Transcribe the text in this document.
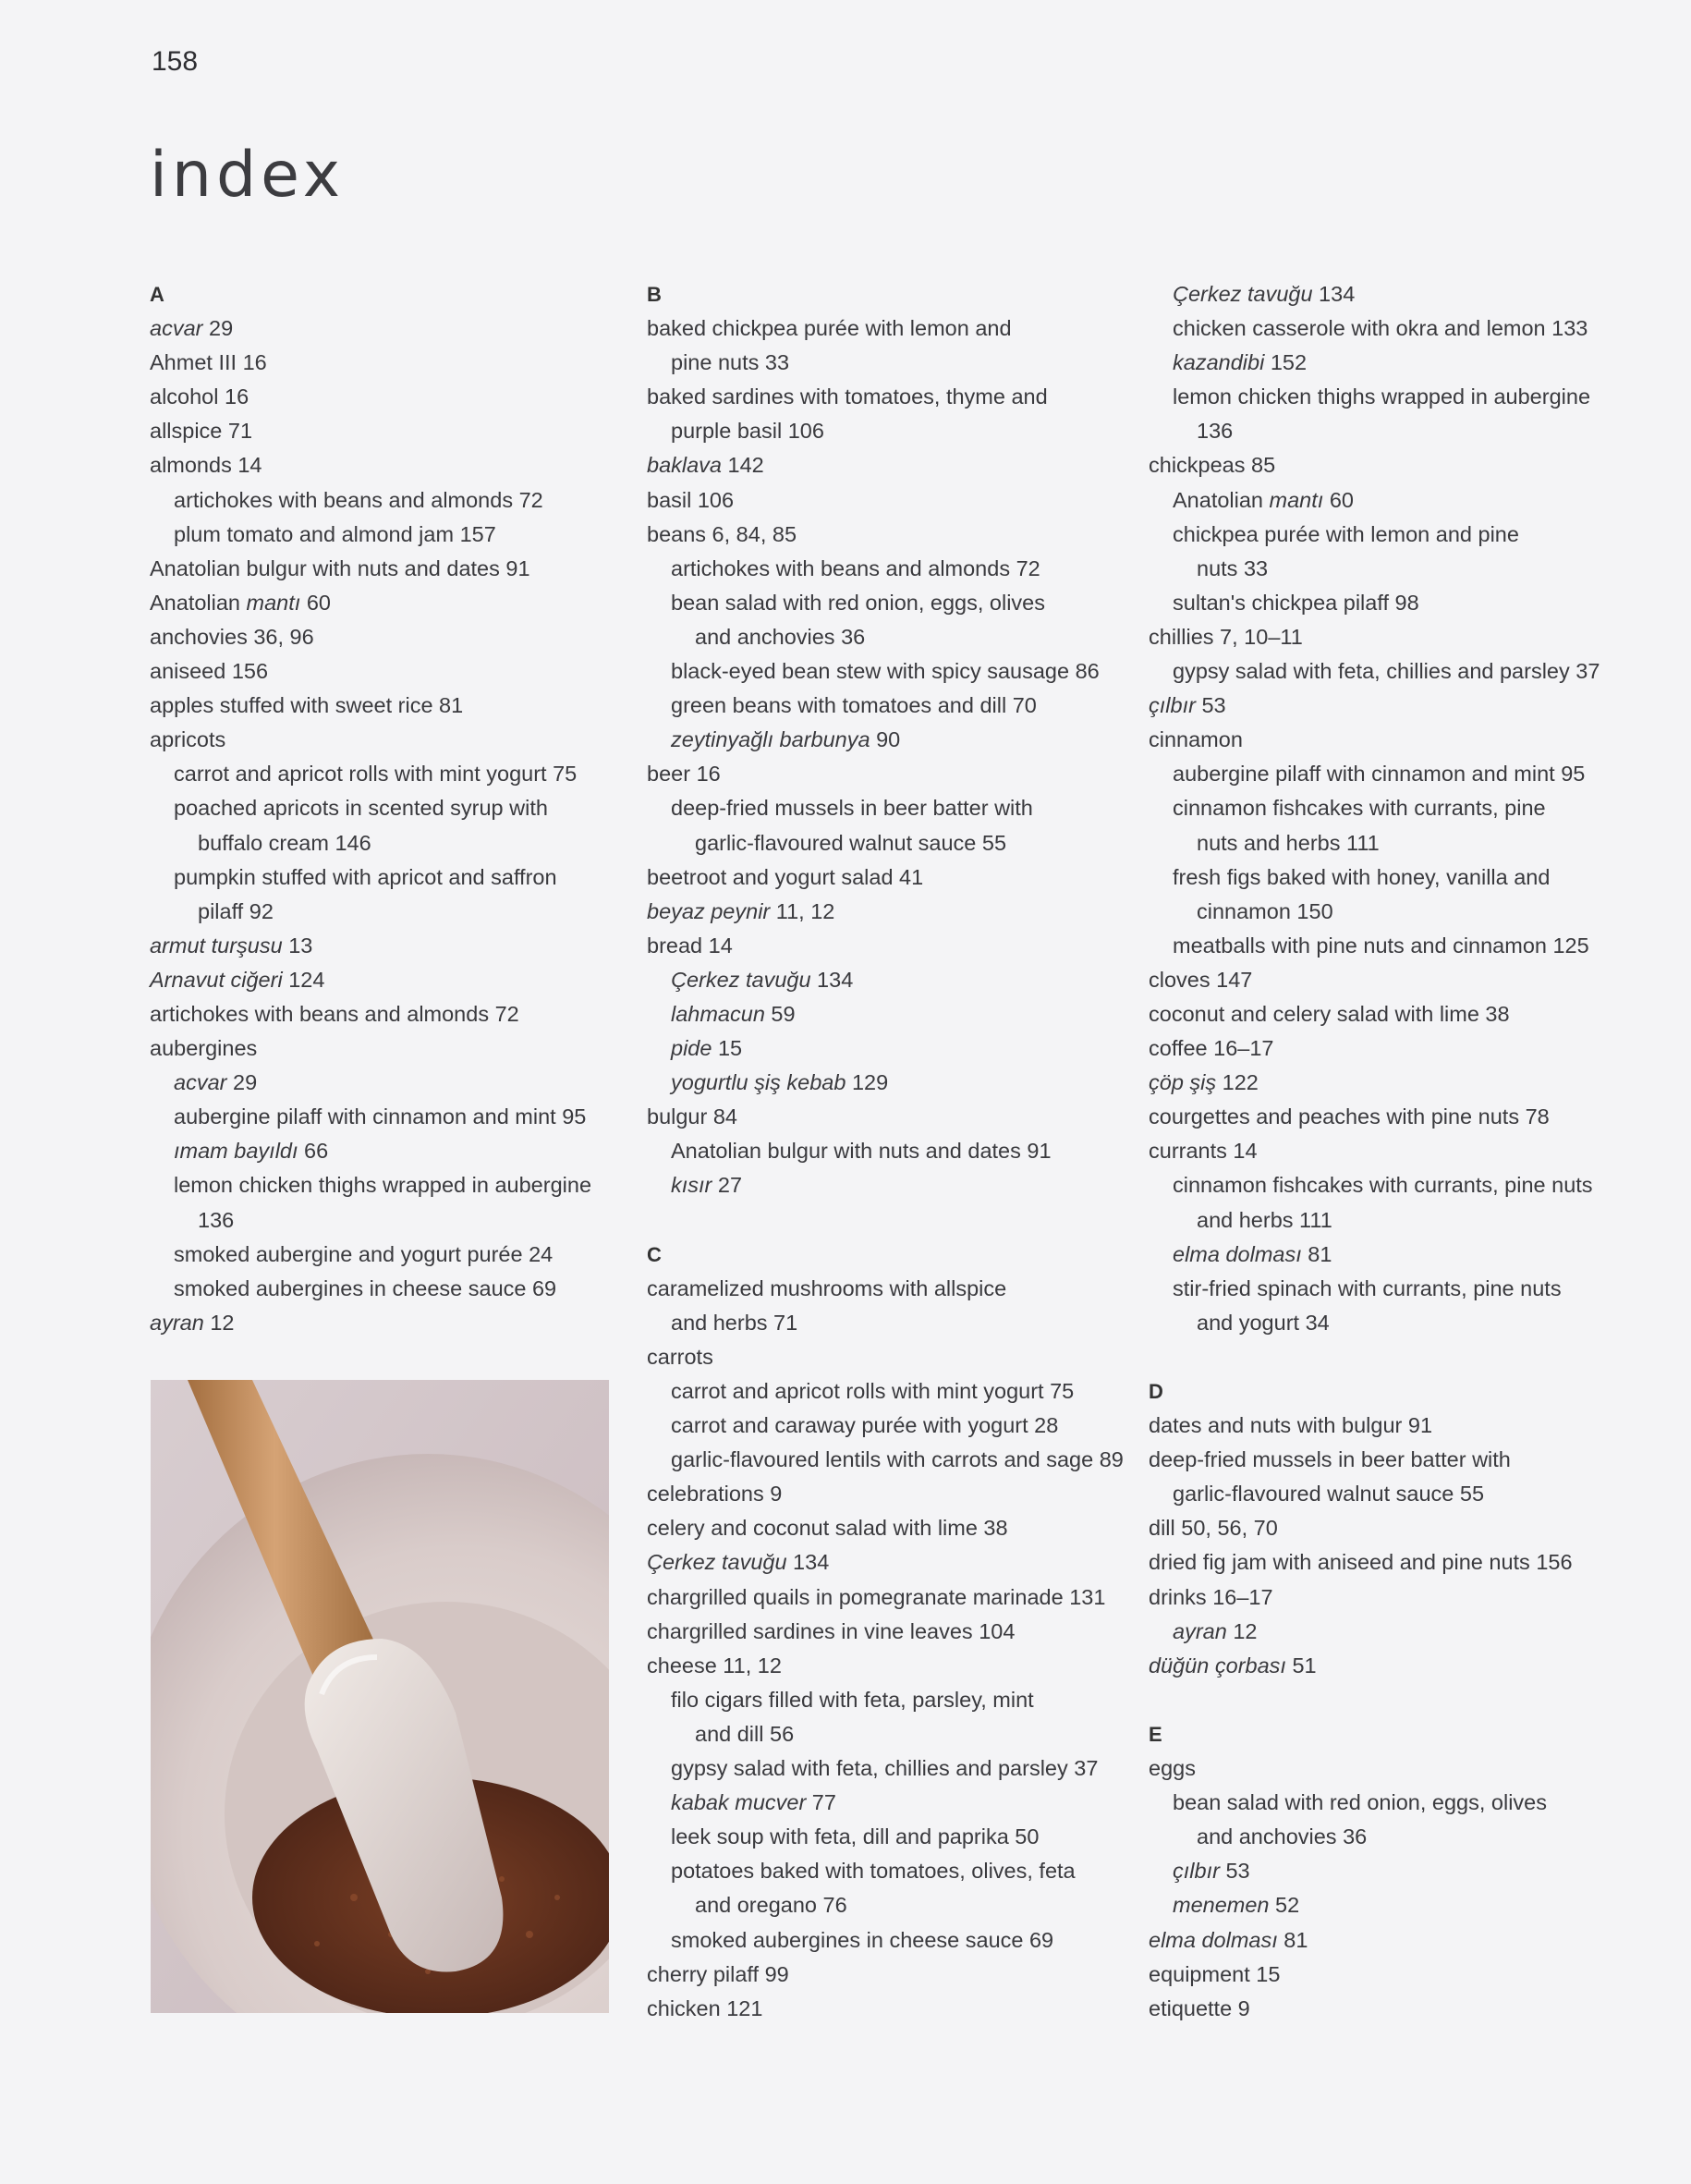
158
index
A
acvar 29
Ahmet III 16
alcohol 16
allspice 71
almonds 14
artichokes with beans and almonds 72
plum tomato and almond jam 157
Anatolian bulgur with nuts and dates 91
Anatolian mantı 60
anchovies 36, 96
aniseed 156
apples stuffed with sweet rice 81
apricots
carrot and apricot rolls with mint yogurt 75
poached apricots in scented syrup with
buffalo cream 146
pumpkin stuffed with apricot and saffron
pilaff 92
armut turşusu 13
Arnavut ciğeri 124
artichokes with beans and almonds 72
aubergines
acvar 29
aubergine pilaff with cinnamon and mint 95
ımam bayıldı 66
lemon chicken thighs wrapped in aubergine
136
smoked aubergine and yogurt purée 24
smoked aubergines in cheese sauce 69
ayran 12
B
baked chickpea purée with lemon and
pine nuts 33
baked sardines with tomatoes, thyme and
purple basil 106
baklava 142
basil 106
beans 6, 84, 85
artichokes with beans and almonds 72
bean salad with red onion, eggs, olives
and anchovies 36
black-eyed bean stew with spicy sausage 86
green beans with tomatoes and dill 70
zeytinyağlı barbunya 90
beer 16
deep-fried mussels in beer batter with
garlic-flavoured walnut sauce 55
beetroot and yogurt salad 41
beyaz peynir 11, 12
bread 14
Çerkez tavuğu 134
lahmacun 59
pide 15
yogurtlu şiş kebab 129
bulgur 84
Anatolian bulgur with nuts and dates 91
kısır 27
C
caramelized mushrooms with allspice
and herbs 71
carrots
carrot and apricot rolls with mint yogurt 75
carrot and caraway purée with yogurt 28
garlic-flavoured lentils with carrots and sage 89
celebrations 9
celery and coconut salad with lime 38
Çerkez tavuğu 134
chargrilled quails in pomegranate marinade 131
chargrilled sardines in vine leaves 104
cheese 11, 12
filo cigars filled with feta, parsley, mint
and dill 56
gypsy salad with feta, chillies and parsley 37
kabak mucver 77
leek soup with feta, dill and paprika 50
potatoes baked with tomatoes, olives, feta
and oregano 76
smoked aubergines in cheese sauce 69
cherry pilaff 99
chicken 121
Çerkez tavuğu 134
chicken casserole with okra and lemon 133
kazandibi 152
lemon chicken thighs wrapped in aubergine
136
chickpeas 85
Anatolian mantı 60
chickpea purée with lemon and pine
nuts 33
sultan's chickpea pilaff 98
chillies 7, 10–11
gypsy salad with feta, chillies and parsley 37
çılbır 53
cinnamon
aubergine pilaff with cinnamon and mint 95
cinnamon fishcakes with currants, pine
nuts and herbs 111
fresh figs baked with honey, vanilla and
cinnamon 150
meatballs with pine nuts and cinnamon 125
cloves 147
coconut and celery salad with lime 38
coffee 16–17
çöp şiş 122
courgettes and peaches with pine nuts 78
currants 14
cinnamon fishcakes with currants, pine nuts
and herbs 111
elma dolması 81
stir-fried spinach with currants, pine nuts
and yogurt 34
D
dates and nuts with bulgur 91
deep-fried mussels in beer batter with
garlic-flavoured walnut sauce 55
dill 50, 56, 70
dried fig jam with aniseed and pine nuts 156
drinks 16–17
ayran 12
düğün çorbası 51
E
eggs
bean salad with red onion, eggs, olives
and anchovies 36
çılbır 53
menemen 52
elma dolması 81
equipment 15
etiquette 9
